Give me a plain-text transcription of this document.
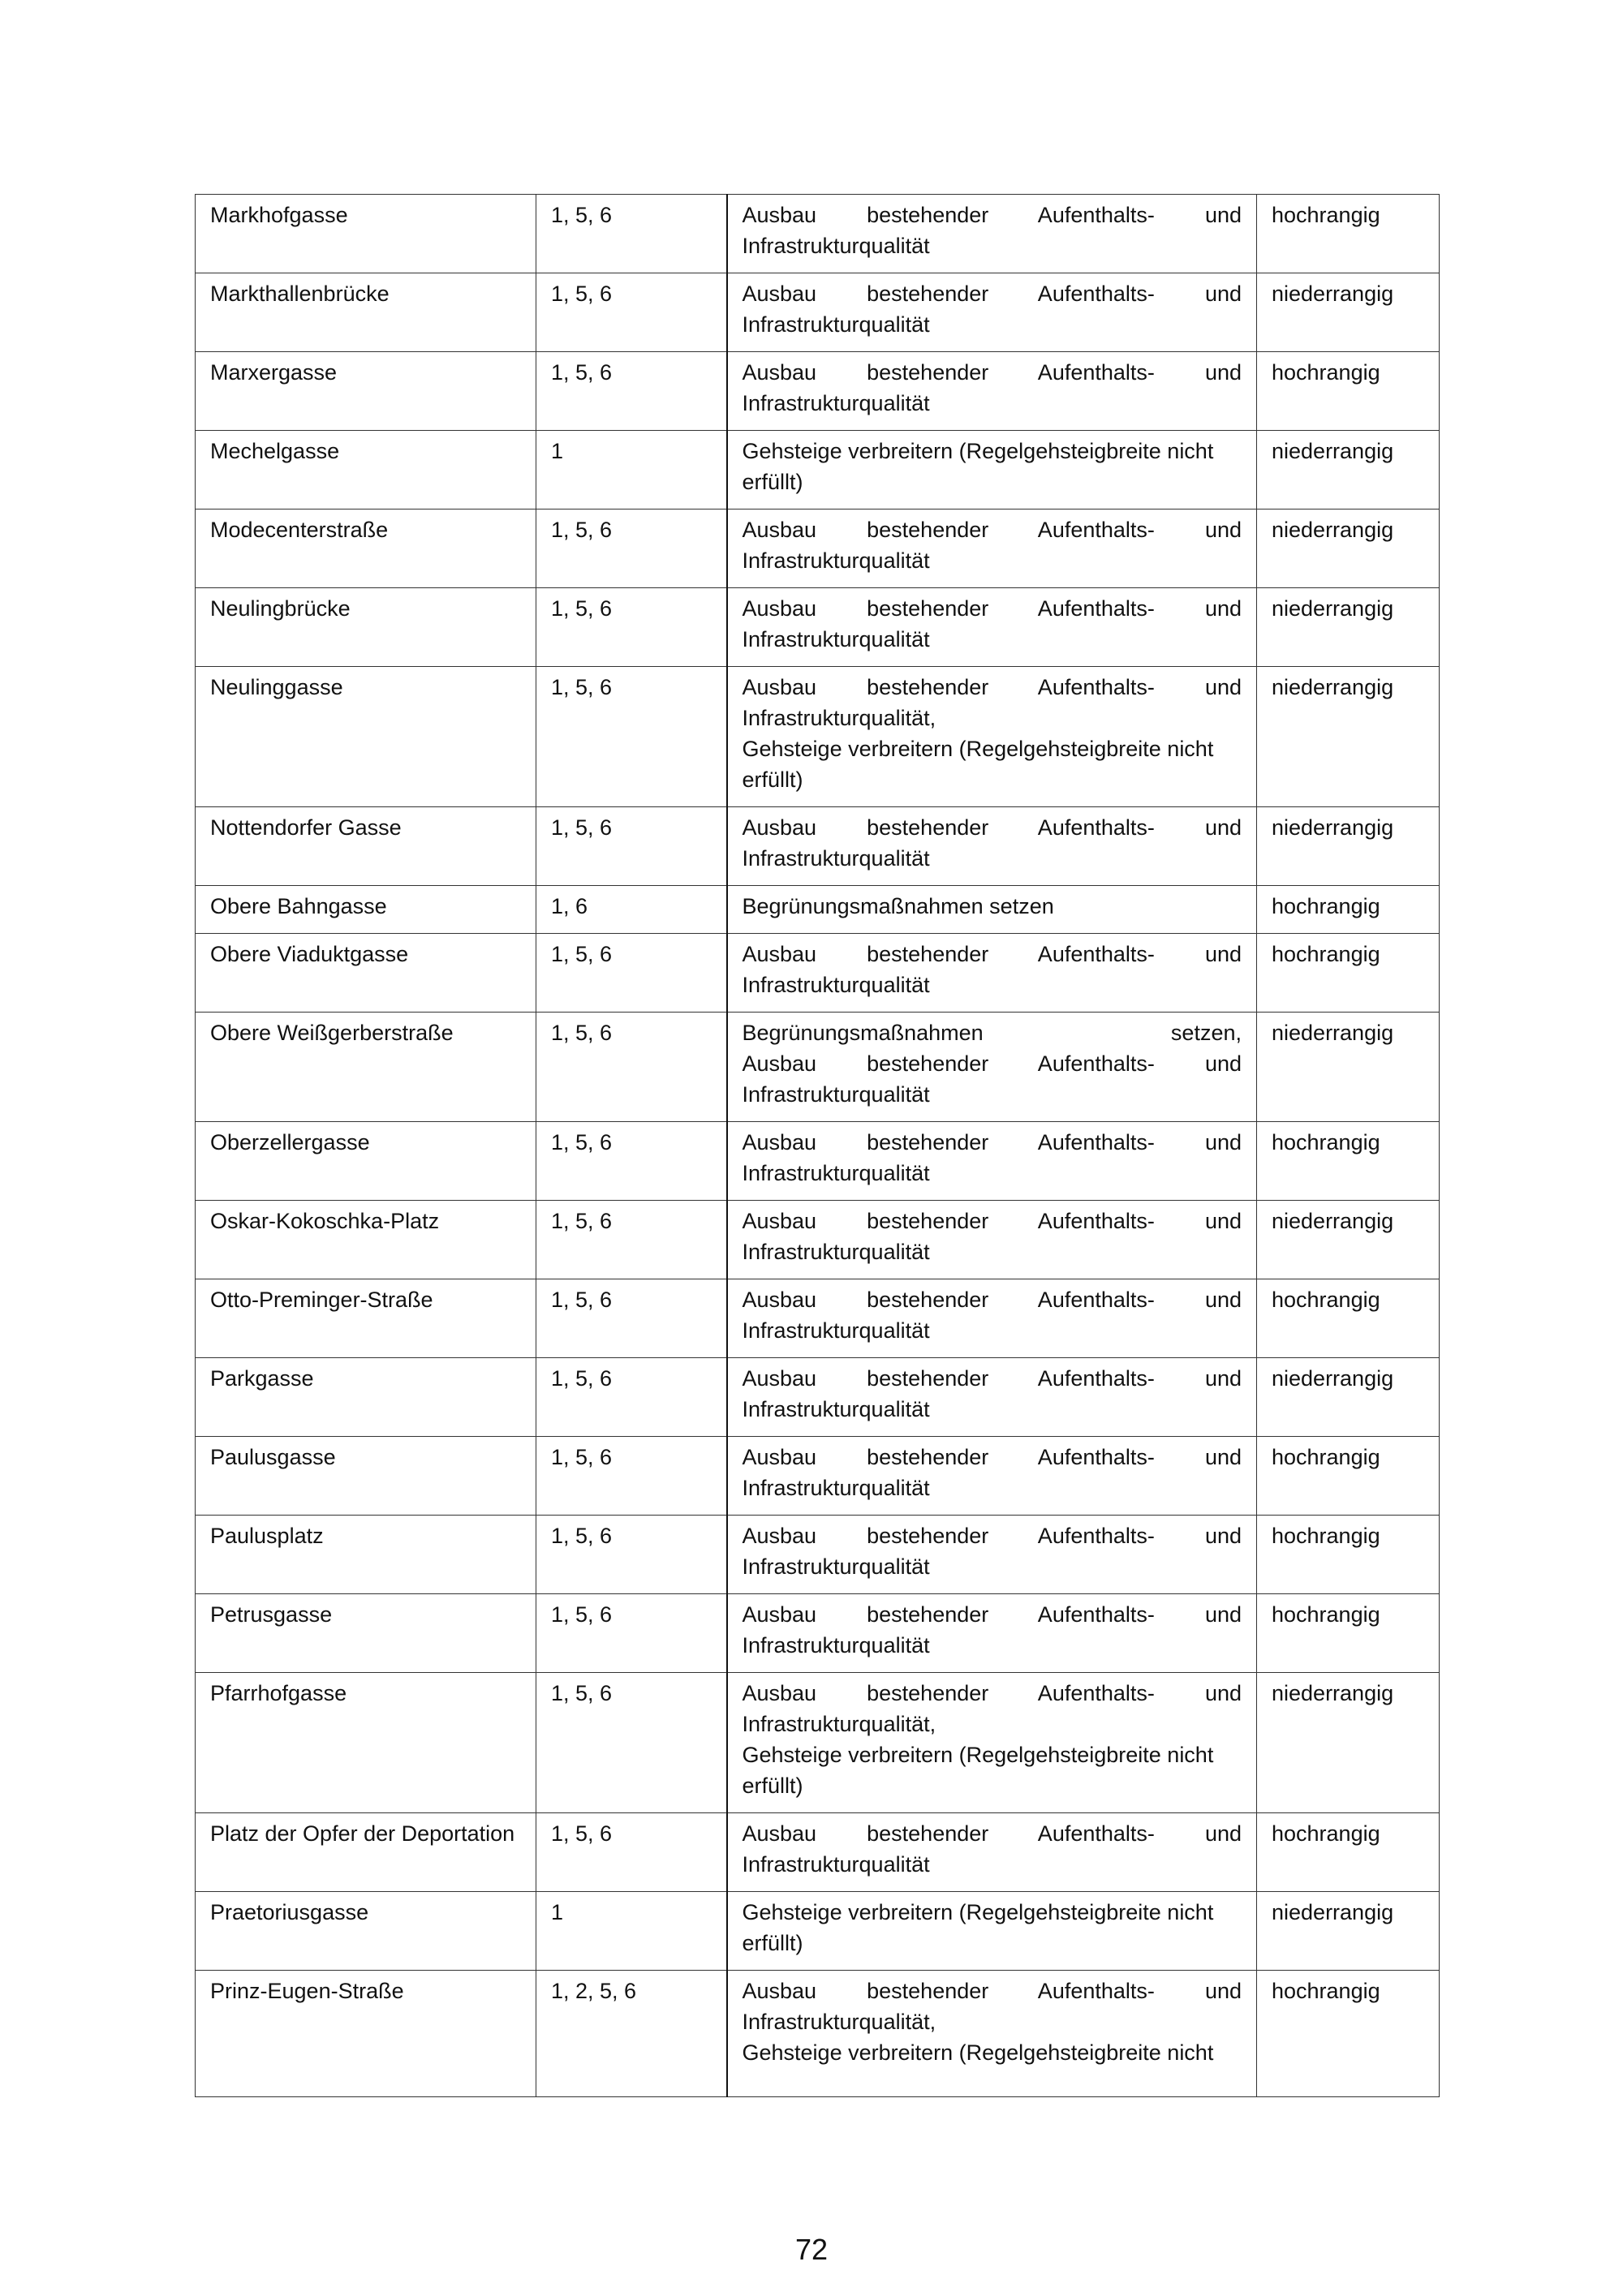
Markhofgasse	1, 5, 6	Ausbau bestehender Aufenthalts- und
Infrastrukturqualität	hochrangig
Markthallenbrücke	1, 5, 6	Ausbau bestehender Aufenthalts- und
Infrastrukturqualität	niederrangig
Marxergasse	1, 5, 6	Ausbau bestehender Aufenthalts- und
Infrastrukturqualität	hochrangig
Mechelgasse	1	Gehsteige verbreitern (Regelgehsteigbreite nicht
erfüllt)	niederrangig
Modecenterstraße	1, 5, 6	Ausbau bestehender Aufenthalts- und
Infrastrukturqualität	niederrangig
Neulingbrücke	1, 5, 6	Ausbau bestehender Aufenthalts- und
Infrastrukturqualität	niederrangig
Neulinggasse	1, 5, 6	Ausbau bestehender Aufenthalts- und
Infrastrukturqualität,
Gehsteige verbreitern (Regelgehsteigbreite nicht
erfüllt)	niederrangig
Nottendorfer Gasse	1, 5, 6	Ausbau bestehender Aufenthalts- und
Infrastrukturqualität	niederrangig
Obere Bahngasse	1, 6	Begrünungsmaßnahmen setzen	hochrangig
Obere Viaduktgasse	1, 5, 6	Ausbau bestehender Aufenthalts- und
Infrastrukturqualität	hochrangig
Obere Weißgerberstraße	1, 5, 6	Begrünungsmaßnahmen setzen,
Ausbau bestehender Aufenthalts- und
Infrastrukturqualität	niederrangig
Oberzellergasse	1, 5, 6	Ausbau bestehender Aufenthalts- und
Infrastrukturqualität	hochrangig
Oskar-Kokoschka-Platz	1, 5, 6	Ausbau bestehender Aufenthalts- und
Infrastrukturqualität	niederrangig
Otto-Preminger-Straße	1, 5, 6	Ausbau bestehender Aufenthalts- und
Infrastrukturqualität	hochrangig
Parkgasse	1, 5, 6	Ausbau bestehender Aufenthalts- und
Infrastrukturqualität	niederrangig
Paulusgasse	1, 5, 6	Ausbau bestehender Aufenthalts- und
Infrastrukturqualität	hochrangig
Paulusplatz	1, 5, 6	Ausbau bestehender Aufenthalts- und
Infrastrukturqualität	hochrangig
Petrusgasse	1, 5, 6	Ausbau bestehender Aufenthalts- und
Infrastrukturqualität	hochrangig
Pfarrhofgasse	1, 5, 6	Ausbau bestehender Aufenthalts- und
Infrastrukturqualität,
Gehsteige verbreitern (Regelgehsteigbreite nicht
erfüllt)	niederrangig
Platz der Opfer der Deportation	1, 5, 6	Ausbau bestehender Aufenthalts- und
Infrastrukturqualität	hochrangig
Praetoriusgasse	1	Gehsteige verbreitern (Regelgehsteigbreite nicht
erfüllt)	niederrangig
Prinz-Eugen-Straße	1, 2, 5, 6	Ausbau bestehender Aufenthalts- und
Infrastrukturqualität,
Gehsteige verbreitern (Regelgehsteigbreite nicht	hochrangig
72
